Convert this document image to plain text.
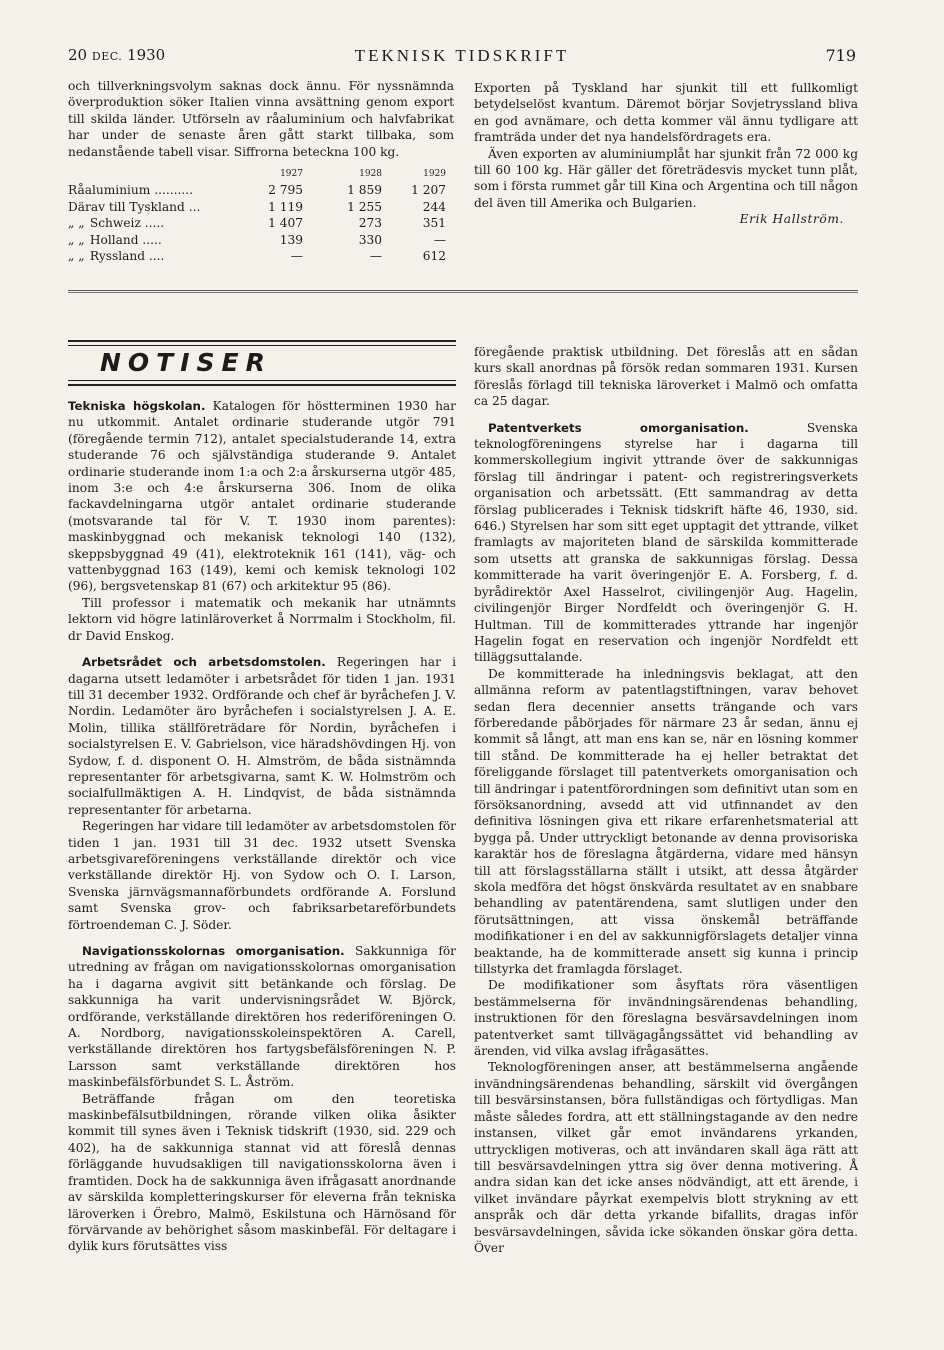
20 DEC. 1930	TEKNISK TIDSKRIFT	719

och tillverkningsvolym saknas dock ännu. För nyssnämnda överproduktion söker Italien vinna avsättning genom export till skilda länder. Utförseln av råaluminium och halvfabrikat har under de senaste åren gått starkt tillbaka, som nedanstående tabell visar. Siffrorna beteckna 100 kg.

	1927	1928	1929
Råaluminium ..........	2 795	1 859	1 207
Därav till Tyskland ...	1 119	1 255	244
„ „ Schweiz .....	1 407	273	351
„ „ Holland .....	139	330	—
„ „ Ryssland ....	—	—	612

Exporten på Tyskland har sjunkit till ett fullkomligt betydelselöst kvantum. Däremot börjar Sovjetryssland bliva en god avnämare, och detta kommer väl ännu tydligare att framträda under det nya handelsfördragets era.

Även exporten av aluminiumplåt har sjunkit från 72 000 kg till 60 100 kg. Här gäller det företrädesvis mycket tunn plåt, som i första rummet går till Kina och Argentina och till någon del även till Amerika och Bulgarien.

Erik Hallström.

NOTISER

Tekniska högskolan. Katalogen för höstterminen 1930 har nu utkommit. Antalet ordinarie studerande utgör 791 (föregående termin 712), antalet specialstuderande 14, extra studerande 76 och självständiga studerande 9. Antalet ordinarie studerande inom 1:a och 2:a årskurserna utgör 485, inom 3:e och 4:e årskurserna 306. Inom de olika fackavdelningarna utgör antalet ordinarie studerande (motsvarande tal för V. T. 1930 inom parentes): maskinbyggnad och mekanisk teknologi 140 (132), skeppsbyggnad 49 (41), elektroteknik 161 (141), väg- och vattenbyggnad 163 (149), kemi och kemisk teknologi 102 (96), bergsvetenskap 81 (67) och arkitektur 95 (86).

Till professor i matematik och mekanik har utnämnts lektorn vid högre latinläroverket å Norrmalm i Stockholm, fil. dr David Enskog.

Arbetsrådet och arbetsdomstolen. Regeringen har i dagarna utsett ledamöter i arbetsrådet för tiden 1 jan. 1931 till 31 december 1932. Ordförande och chef är byråchefen J. V. Nordin. Ledamöter äro byråchefen i socialstyrelsen J. A. E. Molin, tillika ställföreträdare för Nordin, byråchefen i socialstyrelsen E. V. Gabrielson, vice häradshövdingen Hj. von Sydow, f. d. disponent O. H. Almström, de båda sistnämnda representanter för arbetsgivarna, samt K. W. Holmström och socialfullmäktigen A. H. Lindqvist, de båda sistnämnda representanter för arbetarna.

Regeringen har vidare till ledamöter av arbetsdomstolen för tiden 1 jan. 1931 till 31 dec. 1932 utsett Svenska arbetsgivareföreningens verkställande direktör och vice verkställande direktör Hj. von Sydow och O. I. Larson, Svenska järnvägsmannaförbundets ordförande A. Forslund samt Svenska grov- och fabriksarbetareförbundets förtroendeman C. J. Söder.

Navigationsskolornas omorganisation. Sakkunniga för utredning av frågan om navigationsskolornas omorganisation ha i dagarna avgivit sitt betänkande och förslag. De sakkunniga ha varit undervisningsrådet W. Björck, ordförande, verkställande direktören hos rederiföreningen O. A. Nordborg, navigationsskoleinspektören A. Carell, verkställande direktören hos fartygsbefälsföreningen N. P. Larsson samt verkställande direktören hos maskinbefälsförbundet S. L. Åström.

Beträffande frågan om den teoretiska maskinbefälsutbildningen, rörande vilken olika åsikter kommit till synes även i Teknisk tidskrift (1930, sid. 229 och 402), ha de sakkunniga stannat vid att föreslå dennas förläggande huvudsakligen till navigationsskolorna även i framtiden. Dock ha de sakkunniga även ifrågasatt anordnande av särskilda kompletteringskurser för eleverna från tekniska läroverken i Örebro, Malmö, Eskilstuna och Härnösand för förvärvande av behörighet såsom maskinbefäl. För deltagare i dylik kurs förutsättes viss

föregående praktisk utbildning. Det föreslås att en sådan kurs skall anordnas på försök redan sommaren 1931. Kursen föreslås förlagd till tekniska läroverket i Malmö och omfatta ca 25 dagar.

Patentverkets omorganisation.	Svenska teknologföreningens styrelse har i dagarna till kommerskollegium ingivit yttrande över de sakkunnigas förslag till ändringar i patent- och registreringsverkets organisation och arbetssätt. (Ett sammandrag av detta förslag publicerades i Teknisk tidskrift häfte 46, 1930, sid. 646.) Styrelsen har som sitt eget upptagit det yttrande, vilket framlagts av majoriteten bland de särskilda kommitterade som utsetts att granska de sakkunnigas förslag. Dessa kommitterade ha varit överingenjör E. A. Forsberg, f. d. byrådirektör Axel Hasselrot, civilingenjör Aug. Hagelin, civilingenjör Birger Nordfeldt och överingenjör G. H. Hultman. Till de kommitterades yttrande har ingenjör Hagelin fogat en reservation och ingenjör Nordfeldt ett tilläggsuttalande.

De kommitterade ha inledningsvis beklagat, att den allmänna reform av patentlagstiftningen, varav behovet sedan flera decennier ansetts trängande och vars förberedande påbörjades för närmare 23 år sedan, ännu ej kommit så långt, att man ens kan se, när en lösning kommer till stånd. De kommitterade ha ej heller betraktat det föreliggande förslaget till patentverkets omorganisation och till ändringar i patentförordningen som definitivt utan som en försöksanordning, avsedd att vid utfinnandet av den definitiva lösningen giva ett rikare erfarenhetsmaterial att bygga på. Under uttryckligt betonande av denna provisoriska karaktär hos de föreslagna åtgärderna, vidare med hänsyn till att förslagsställarna ställt i utsikt, att dessa åtgärder skola medföra det högst önskvärda resultatet av en snabbare behandling av patentärendena, samt slutligen under den förutsättningen, att vissa önskemål beträffande modifikationer i en del av sakkunnigförslagets detaljer vinna beaktande, ha de kommitterade ansett sig kunna i princip tillstyrka det framlagda förslaget.

De modifikationer som åsyftats röra väsentligen bestämmelserna för invändningsärendenas behandling, instruktionen för den föreslagna besvärsavdelningen inom patentverket samt tillvägagångssättet vid behandling av ärenden, vid vilka avslag ifrågasättes.

Teknologföreningen anser, att bestämmelserna angående invändningsärendenas behandling, särskilt vid övergången till besvärsinstansen, böra fullständigas och förtydligas. Man måste således fordra, att ett ställningstagande av den nedre instansen, vilket går emot invändarens yrkanden, uttryckligen motiveras, och att invändaren skall äga rätt att till besvärsavdelningen yttra sig över denna motivering. Å andra sidan kan det icke anses nödvändigt, att ett ärende, i vilket invändare påyrkat exempelvis blott strykning av ett anspråk och där detta yrkande bifallits, dragas inför besvärsavdelningen, såvida icke sökanden önskar göra detta. Över
